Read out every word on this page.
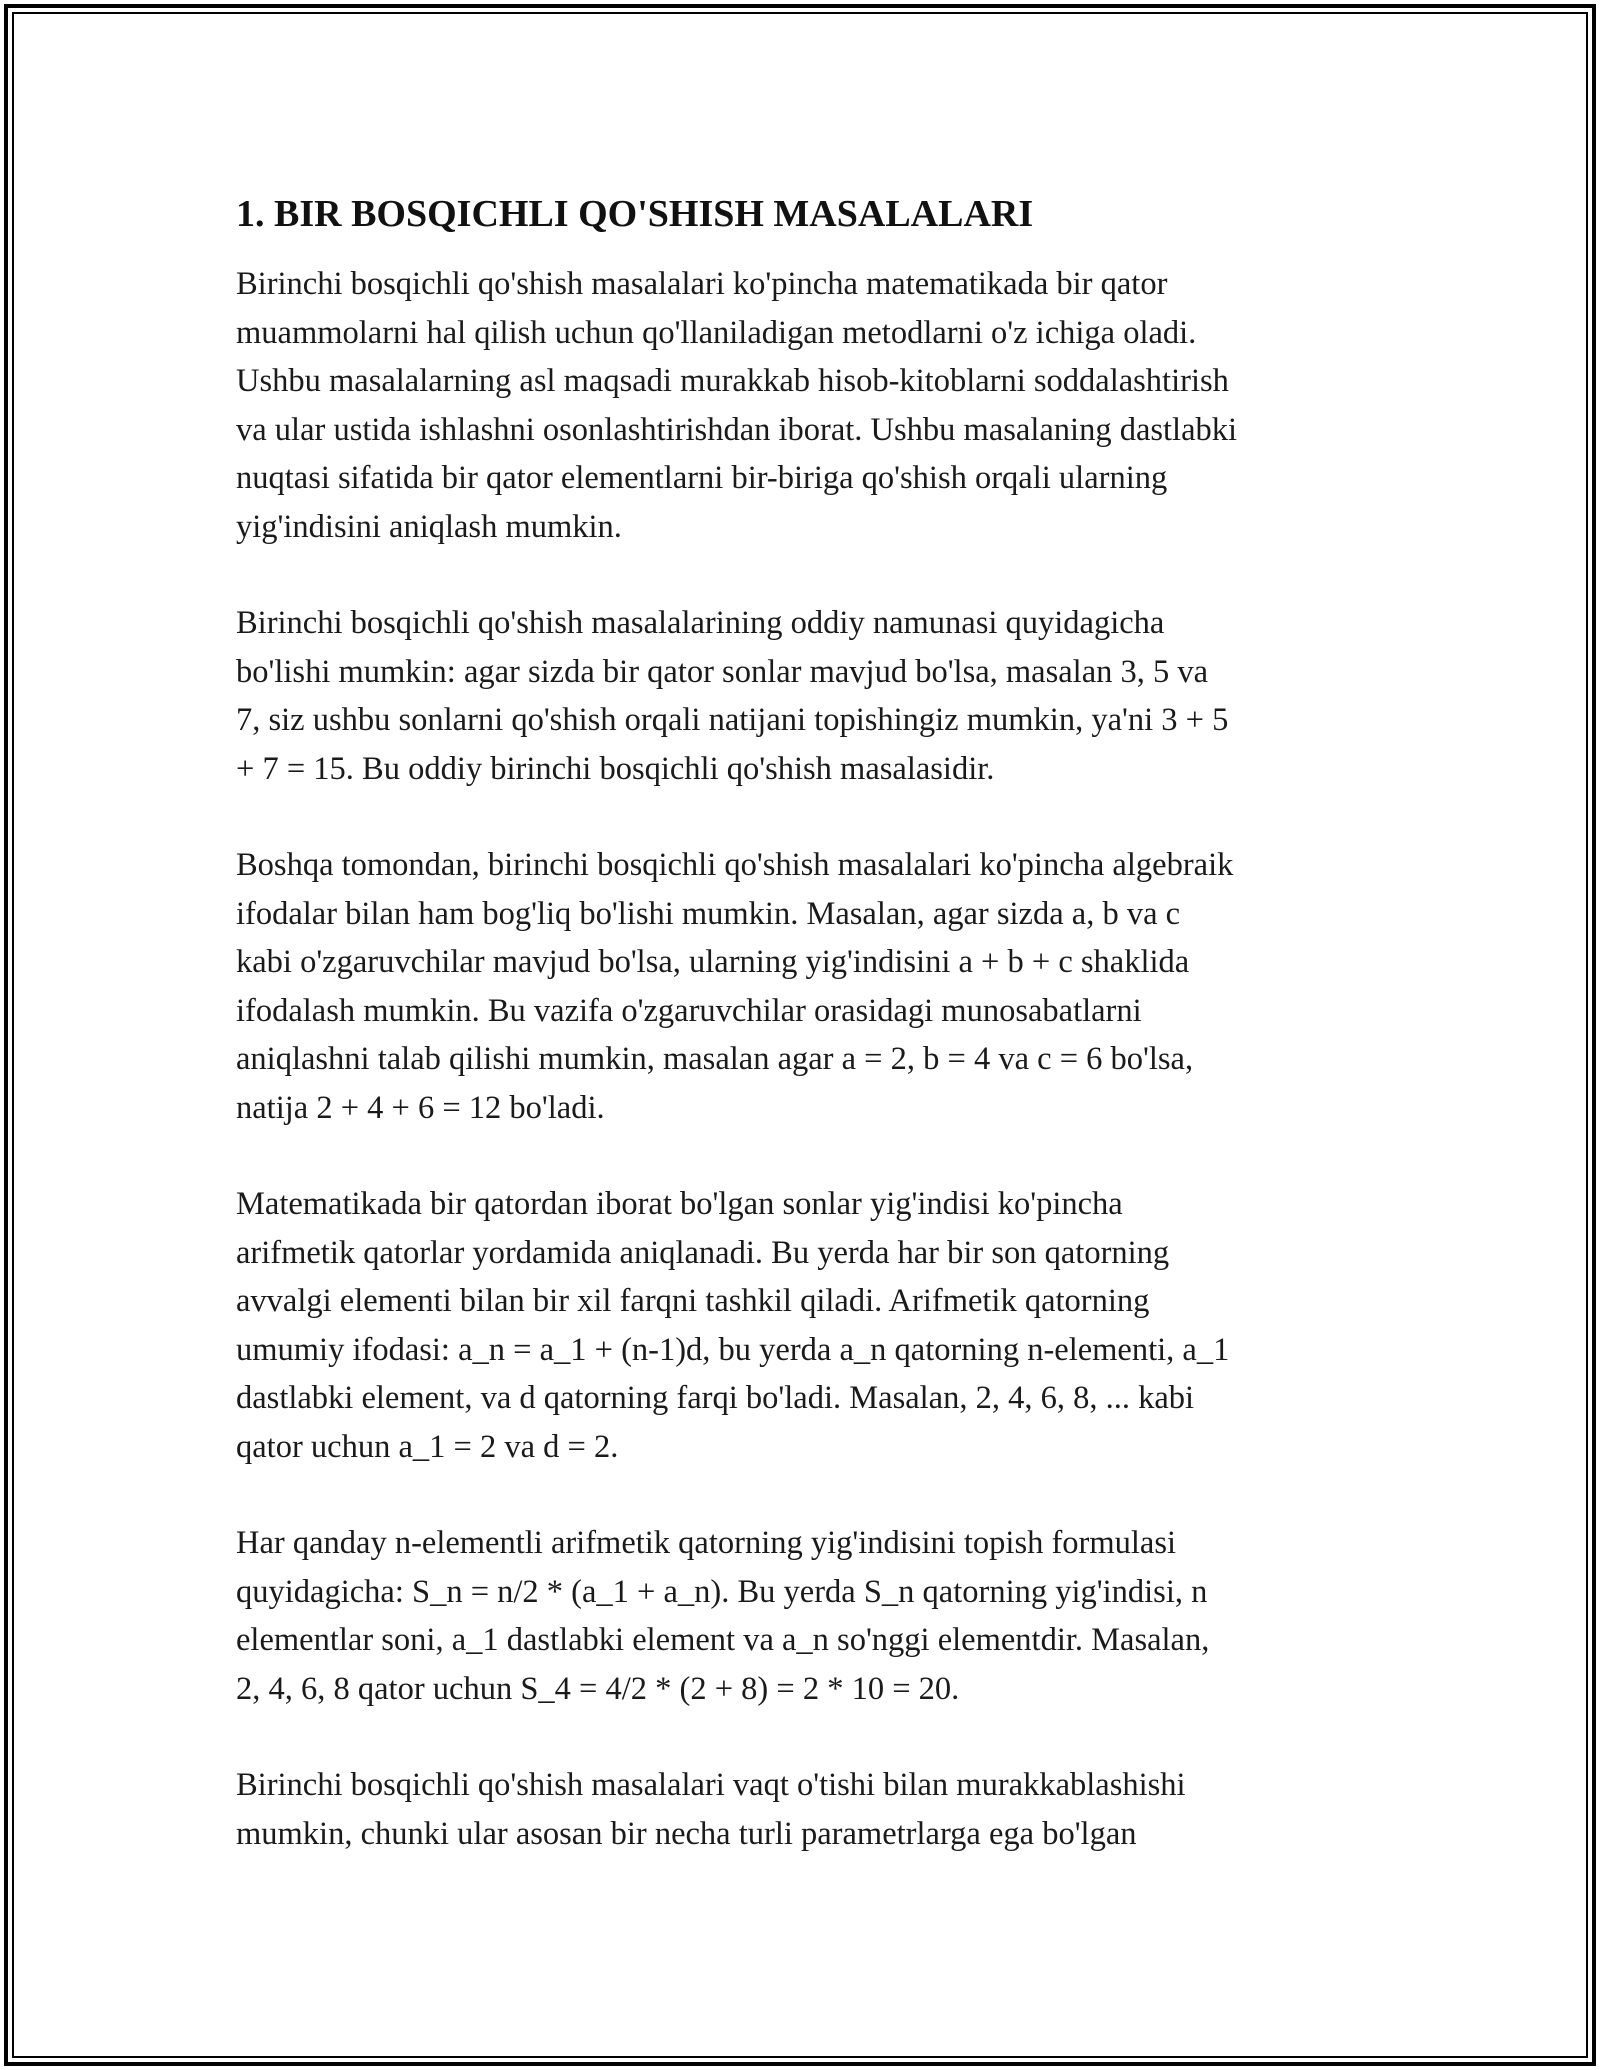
1. BIR BOSQICHLI QO'SHISH MASALALARI

Birinchi bosqichli qo'shish masalalari ko'pincha matematikada bir qator
muammolarni hal qilish uchun qo'llaniladigan metodlarni o'z ichiga oladi.
Ushbu masalalarning asl maqsadi murakkab hisob-kitoblarni soddalashtirish
va ular ustida ishlashni osonlashtirishdan iborat. Ushbu masalaning dastlabki
nuqtasi sifatida bir qator elementlarni bir-biriga qo'shish orqali ularning
yig'indisini aniqlash mumkin.

Birinchi bosqichli qo'shish masalalarining oddiy namunasi quyidagicha
bo'lishi mumkin: agar sizda bir qator sonlar mavjud bo'lsa, masalan 3, 5 va
7, siz ushbu sonlarni qo'shish orqali natijani topishingiz mumkin, ya'ni 3 + 5
+ 7 = 15. Bu oddiy birinchi bosqichli qo'shish masalasidir.

Boshqa tomondan, birinchi bosqichli qo'shish masalalari ko'pincha algebraik
ifodalar bilan ham bog'liq bo'lishi mumkin. Masalan, agar sizda a, b va c
kabi o'zgaruvchilar mavjud bo'lsa, ularning yig'indisini a + b + c shaklida
ifodalash mumkin. Bu vazifa o'zgaruvchilar orasidagi munosabatlarni
aniqlashni talab qilishi mumkin, masalan agar a = 2, b = 4 va c = 6 bo'lsa,
natija 2 + 4 + 6 = 12 bo'ladi.

Matematikada bir qatordan iborat bo'lgan sonlar yig'indisi ko'pincha
arifmetik qatorlar yordamida aniqlanadi. Bu yerda har bir son qatorning
avvalgi elementi bilan bir xil farqni tashkil qiladi. Arifmetik qatorning
umumiy ifodasi: a_n = a_1 + (n-1)d, bu yerda a_n qatorning n-elementi, a_1
dastlabki element, va d qatorning farqi bo'ladi. Masalan, 2, 4, 6, 8, ... kabi
qator uchun a_1 = 2 va d = 2.

Har qanday n-elementli arifmetik qatorning yig'indisini topish formulasi
quyidagicha: S_n = n/2 * (a_1 + a_n). Bu yerda S_n qatorning yig'indisi, n
elementlar soni, a_1 dastlabki element va a_n so'nggi elementdir. Masalan,
2, 4, 6, 8 qator uchun S_4 = 4/2 * (2 + 8) = 2 * 10 = 20.

Birinchi bosqichli qo'shish masalalari vaqt o'tishi bilan murakkablashishi
mumkin, chunki ular asosan bir necha turli parametrlarga ega bo'lgan
